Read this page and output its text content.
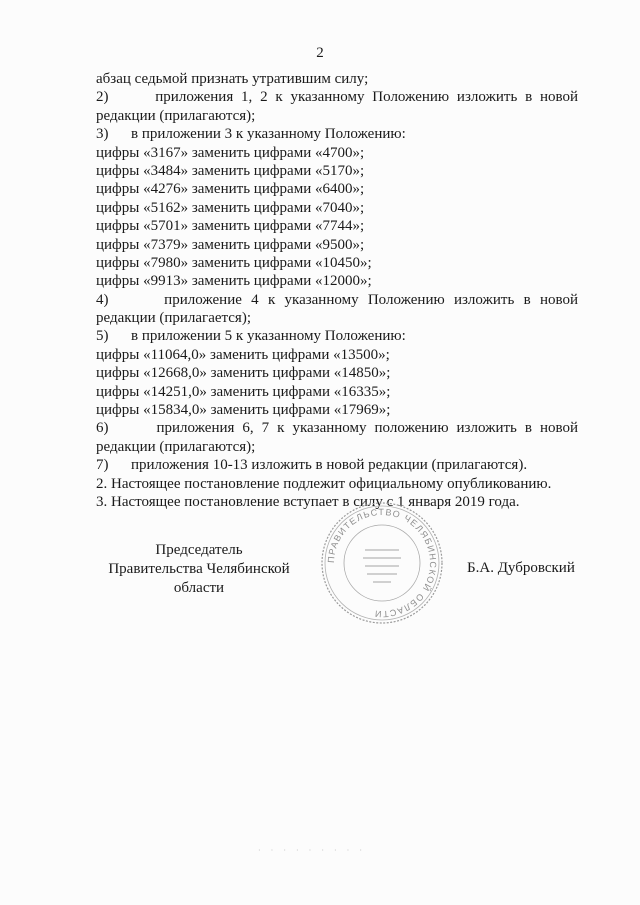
2
абзац седьмой признать утратившим силу;
2)      приложения 1, 2 к указанному Положению изложить в новой
редакции (прилагаются);
3)      в приложении 3 к указанному Положению:
цифры «3167» заменить цифрами «4700»;
цифры «3484» заменить цифрами «5170»;
цифры «4276» заменить цифрами «6400»;
цифры «5162» заменить цифрами «7040»;
цифры «5701» заменить цифрами «7744»;
цифры «7379» заменить цифрами «9500»;
цифры «7980» заменить цифрами «10450»;
цифры «9913» заменить цифрами «12000»;
4)      приложение 4 к указанному Положению изложить в новой
редакции (прилагается);
5)      в приложении 5 к указанному Положению:
цифры «11064,0» заменить цифрами «13500»;
цифры «12668,0» заменить цифрами «14850»;
цифры «14251,0» заменить цифрами «16335»;
цифры «15834,0» заменить цифрами «17969»;
6)      приложения 6, 7 к указанному положению изложить в новой
редакции (прилагаются);
7)      приложения 10-13 изложить в новой редакции (прилагаются).
2. Настоящее постановление подлежит официальному опубликованию.
3. Настоящее постановление вступает в силу с 1 января 2019 года.
Председатель
Правительства Челябинской области
ПРАВИТЕЛЬСТВО ЧЕЛЯБИНСКОЙ ОБЛАСТИ
Б.А. Дубровский
· · · · · · · · ·
